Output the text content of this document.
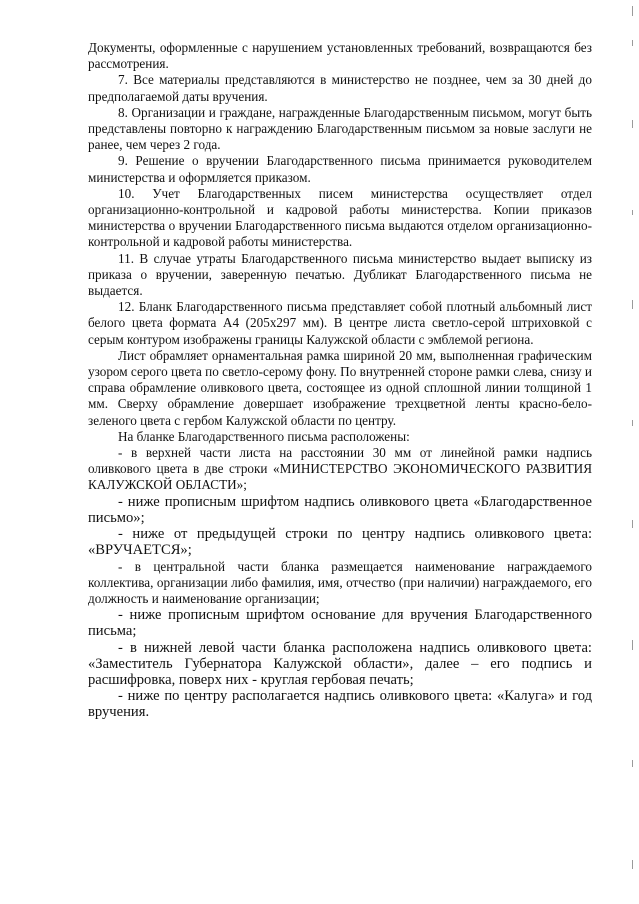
Документы, оформленные с нарушением установленных требований, возвращаются без рассмотрения.

7. Все материалы представляются в министерство не позднее, чем за 30 дней до предполагаемой даты вручения.

8. Организации и граждане, награжденные Благодарственным письмом, могут быть представлены повторно к награждению Благодарственным письмом за новые заслуги не ранее, чем через 2 года.

9. Решение о вручении Благодарственного письма принимается руководителем министерства и оформляется приказом.

10. Учет Благодарственных писем министерства осуществляет отдел организационно-контрольной и кадровой работы министерства. Копии приказов министерства о вручении Благодарственного письма выдаются отделом организационно-контрольной и кадровой работы министерства.

11. В случае утраты Благодарственного письма министерство выдает выписку из приказа о вручении, заверенную печатью. Дубликат Благодарственного письма не выдается.

12. Бланк Благодарственного письма представляет собой плотный альбомный лист белого цвета формата А4 (205х297 мм). В центре листа светло-серой штриховкой с серым контуром изображены границы Калужской области с эмблемой региона.

Лист обрамляет орнаментальная рамка шириной 20 мм, выполненная графическим узором серого цвета по светло-серому фону. По внутренней стороне рамки слева, снизу и справа обрамление оливкового цвета, состоящее из одной сплошной линии толщиной 1 мм. Сверху обрамление довершает изображение трехцветной ленты красно-бело-зеленого цвета с гербом Калужской области по центру.

На бланке Благодарственного письма расположены:

- в верхней части листа на расстоянии 30 мм от линейной рамки надпись оливкового цвета в две строки «МИНИСТЕРСТВО ЭКОНОМИЧЕСКОГО РАЗВИТИЯ КАЛУЖСКОЙ ОБЛАСТИ»;

- ниже прописным шрифтом надпись оливкового цвета «Благодарственное письмо»;

- ниже от предыдущей строки по центру надпись оливкового цвета: «ВРУЧАЕТСЯ»;

- в центральной части бланка размещается наименование награждаемого коллектива, организации либо фамилия, имя, отчество (при наличии) награждаемого, его должность и наименование организации;

- ниже прописным шрифтом основание для вручения Благодарственного письма;

- в нижней левой части бланка расположена надпись оливкового цвета: «Заместитель Губернатора Калужской области», далее – его подпись и расшифровка, поверх них - круглая гербовая печать;

- ниже по центру располагается надпись оливкового цвета: «Калуга» и год вручения.
